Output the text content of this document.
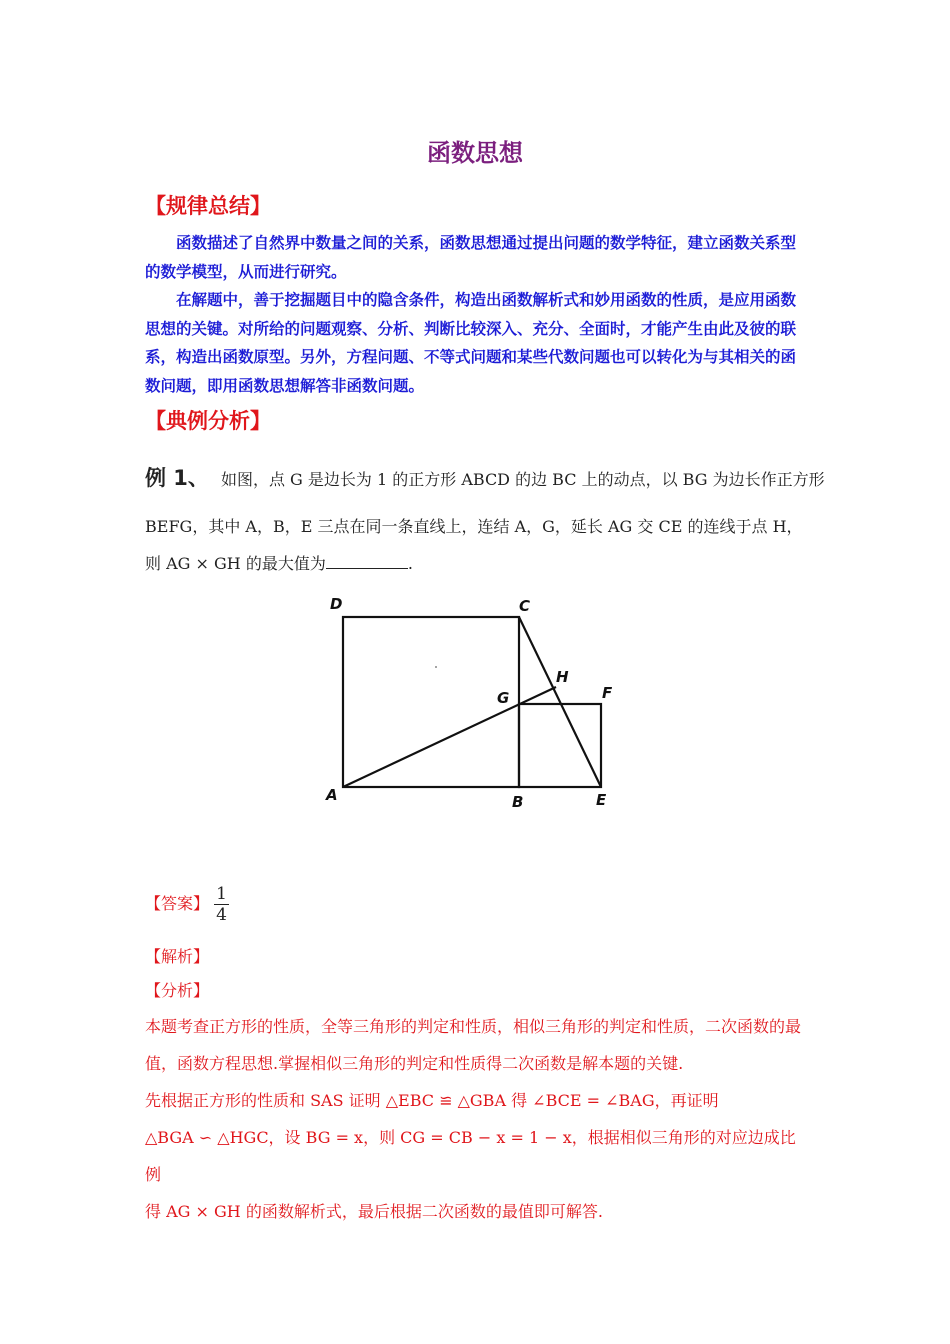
函数思想
【规律总结】

函数描述了自然界中数量之间的关系，函数思想通过提出问题的数学特征，建立函数关系型的数学模型，从而进行研究。

在解题中，善于挖掘题目中的隐含条件，构造出函数解析式和妙用函数的性质，是应用函数思想的关键。对所给的问题观察、分析、判断比较深入、充分、全面时，才能产生由此及彼的联系，构造出函数原型。另外，方程问题、不等式问题和某些代数问题也可以转化为与其相关的函数问题，即用函数思想解答非函数问题。

【典例分析】
例 1、 如图，点 G 是边长为 1 的正方形 ABCD 的边 BC 上的动点，以 BG 为边长作正方形
BEFG，其中 A，B，E 三点在同一条直线上，连结 A，G，延长 AG 交 CE 的连线于点 H，
则 AG × GH 的最大值为	.
D	C
H
F
G
A	B	E
【答案】 $\frac{1}{4}$
【解析】
【分析】

本题考查正方形的性质，全等三角形的判定和性质，相似三角形的判定和性质，二次函数的最值，函数方程思想.掌握相似三角形的判定和性质得二次函数是解本题的关键.

先根据正方形的性质和 SAS 证明 △EBC ≌ △GBA 得 ∠BCE = ∠BAG，再证明

△BGA ∽ △HGC，设 BG = x，则 CG = CB − x = 1 − x，根据相似三角形的对应边成比例

得 AG × GH 的函数解析式，最后根据二次函数的最值即可解答.
